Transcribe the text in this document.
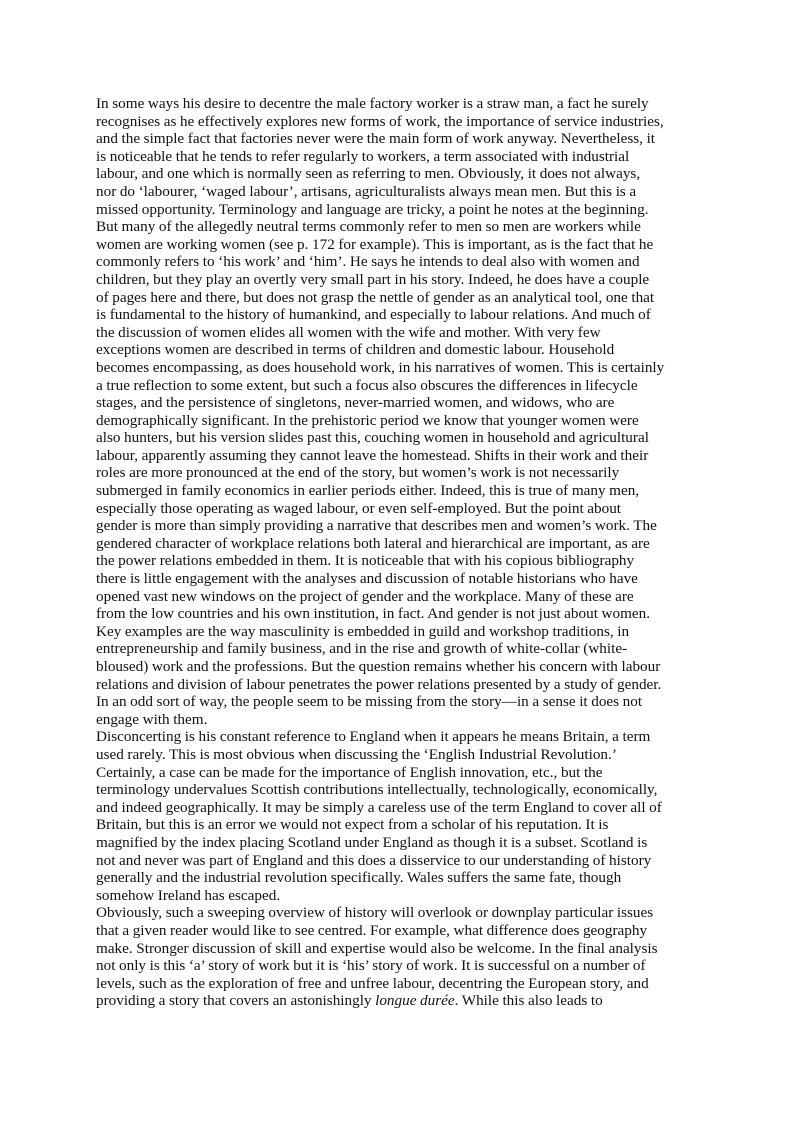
In some ways his desire to decentre the male factory worker is a straw man, a fact he surely
recognises as he effectively explores new forms of work, the importance of service industries,
and the simple fact that factories never were the main form of work anyway. Nevertheless, it
is noticeable that he tends to refer regularly to workers, a term associated with industrial
labour, and one which is normally seen as referring to men. Obviously, it does not always,
nor do ‘labourer, ‘waged labour’, artisans, agriculturalists always mean men. But this is a
missed opportunity. Terminology and language are tricky, a point he notes at the beginning.
But many of the allegedly neutral terms commonly refer to men so men are workers while
women are working women (see p. 172 for example). This is important, as is the fact that he
commonly refers to ‘his work’ and ‘him’. He says he intends to deal also with women and
children, but they play an overtly very small part in his story. Indeed, he does have a couple
of pages here and there, but does not grasp the nettle of gender as an analytical tool, one that
is fundamental to the history of humankind, and especially to labour relations. And much of
the discussion of women elides all women with the wife and mother. With very few
exceptions women are described in terms of children and domestic labour. Household
becomes encompassing, as does household work, in his narratives of women. This is certainly
a true reflection to some extent, but such a focus also obscures the differences in lifecycle
stages, and the persistence of singletons, never-married women, and widows, who are
demographically significant. In the prehistoric period we know that younger women were
also hunters, but his version slides past this, couching women in household and agricultural
labour, apparently assuming they cannot leave the homestead. Shifts in their work and their
roles are more pronounced at the end of the story, but women’s work is not necessarily
submerged in family economics in earlier periods either. Indeed, this is true of many men,
especially those operating as waged labour, or even self-employed. But the point about
gender is more than simply providing a narrative that describes men and women’s work. The
gendered character of workplace relations both lateral and hierarchical are important, as are
the power relations embedded in them. It is noticeable that with his copious bibliography
there is little engagement with the analyses and discussion of notable historians who have
opened vast new windows on the project of gender and the workplace. Many of these are
from the low countries and his own institution, in fact. And gender is not just about women.
Key examples are the way masculinity is embedded in guild and workshop traditions, in
entrepreneurship and family business, and in the rise and growth of white-collar (white-
bloused) work and the professions. But the question remains whether his concern with labour
relations and division of labour penetrates the power relations presented by a study of gender.
In an odd sort of way, the people seem to be missing from the story—in a sense it does not
engage with them.

Disconcerting is his constant reference to England when it appears he means Britain, a term
used rarely. This is most obvious when discussing the ‘English Industrial Revolution.’
Certainly, a case can be made for the importance of English innovation, etc., but the
terminology undervalues Scottish contributions intellectually, technologically, economically,
and indeed geographically. It may be simply a careless use of the term England to cover all of
Britain, but this is an error we would not expect from a scholar of his reputation. It is
magnified by the index placing Scotland under England as though it is a subset. Scotland is
not and never was part of England and this does a disservice to our understanding of history
generally and the industrial revolution specifically. Wales suffers the same fate, though
somehow Ireland has escaped.

Obviously, such a sweeping overview of history will overlook or downplay particular issues
that a given reader would like to see centred. For example, what difference does geography
make. Stronger discussion of skill and expertise would also be welcome. In the final analysis
not only is this ‘a’ story of work but it is ‘his’ story of work. It is successful on a number of
levels, such as the exploration of free and unfree labour, decentring the European story, and
providing a story that covers an astonishingly longue durée. While this also leads to
